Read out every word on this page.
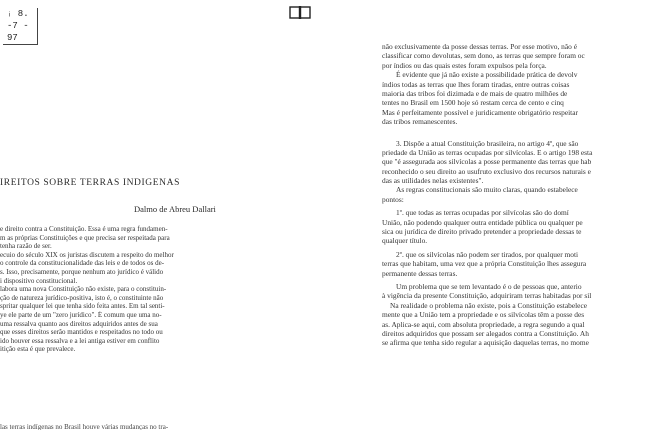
ᵢ 8.
-7 -
97
IREITOS SOBRE TERRAS INDIGENAS
Dalmo de Abreu Dallari
e direito contra a Constituição. Essa é uma regra fundamen-
m as próprias Constituições e que precisa ser respeitada para
tenha razão de ser.
ecuio do século XIX os juristas discutem a respeito do melhor
o controle da constitucionalidade das leis e de todos os de-
s. Isso, precisamente, porque nenhum ato jurídico é válido
i dispositivo constitucional.
labora uma nova Constituição não existe, para o constituin-
ção de natureza jurídico-positiva, isto é, o constituinte não
spritar qualquer lei que tenha sido feita antes. Em tal senti-
ye ele parte de um "zero jurídico". É comum que uma no-
uma ressalva quanto aos direitos adquiridos antes de sua
que esses direitos serão mantidos e respeitados no todo ou
ido houver essa ressalva e a lei antiga estiver em conflito
itição esta é que prevalece.
las terras indígenas no Brasil houve várias mudanças no tra-
não exclusivamente da posse dessas terras. Por esse motivo, não é
classificar como devolutas, sem dono, as terras que sempre foram oc
por índios ou das quais estes foram expulsos pela força.
É evidente que já não existe a possibilidade prática de devolv
índios todas as terras que lhes foram tiradas, entre outras coisas
maioria das tribos foi dizimada e de mais de quatro milhões de
tentes no Brasil em 1500 hoje só restam cerca de cento e cinq
Mas é perfeitamente possível e juridicamente obrigatório respeitar
das tribos remanescentes.
3. Dispõe a atual Constituição brasileira, no artigo 4º, que são
priedade da União as terras ocupadas por silvícolas. E o artigo 198 esta
que "é assegurada aos silvícolas a posse permanente das terras que hab
reconhecido o seu direito ao usufruto exclusivo dos recursos naturais e
das as utilidades nelas existentes".
As regras constitucionais são muito claras, quando estabelece
pontos:
1º. que todas as terras ocupadas por silvícolas são do domí
União, não podendo qualquer outra entidade pública ou qualquer pe
sica ou jurídica de direito privado pretender a propriedade dessas te
qualquer título.
2º. que os silvícolas não podem ser tirados, por qualquer moti
terras que habitam, uma vez que a própria Constituição lhes assegura
permanente dessas terras.
Um problema que se tem levantado é o de pessoas que, anterio
à vigência da presente Constituição, adquiriram terras habitadas por sil
Na realidade o problema não existe, pois a Constituição estabelece
mente que a União tem a propriedade e os silvícolas têm a posse des
as. Aplica-se aqui, com absoluta propriedade, a regra segundo a qual
direitos adquiridos que possam ser alegados contra a Constituição. Ah
se afirma que tenha sido regular a aquisição daquelas terras, no mome
